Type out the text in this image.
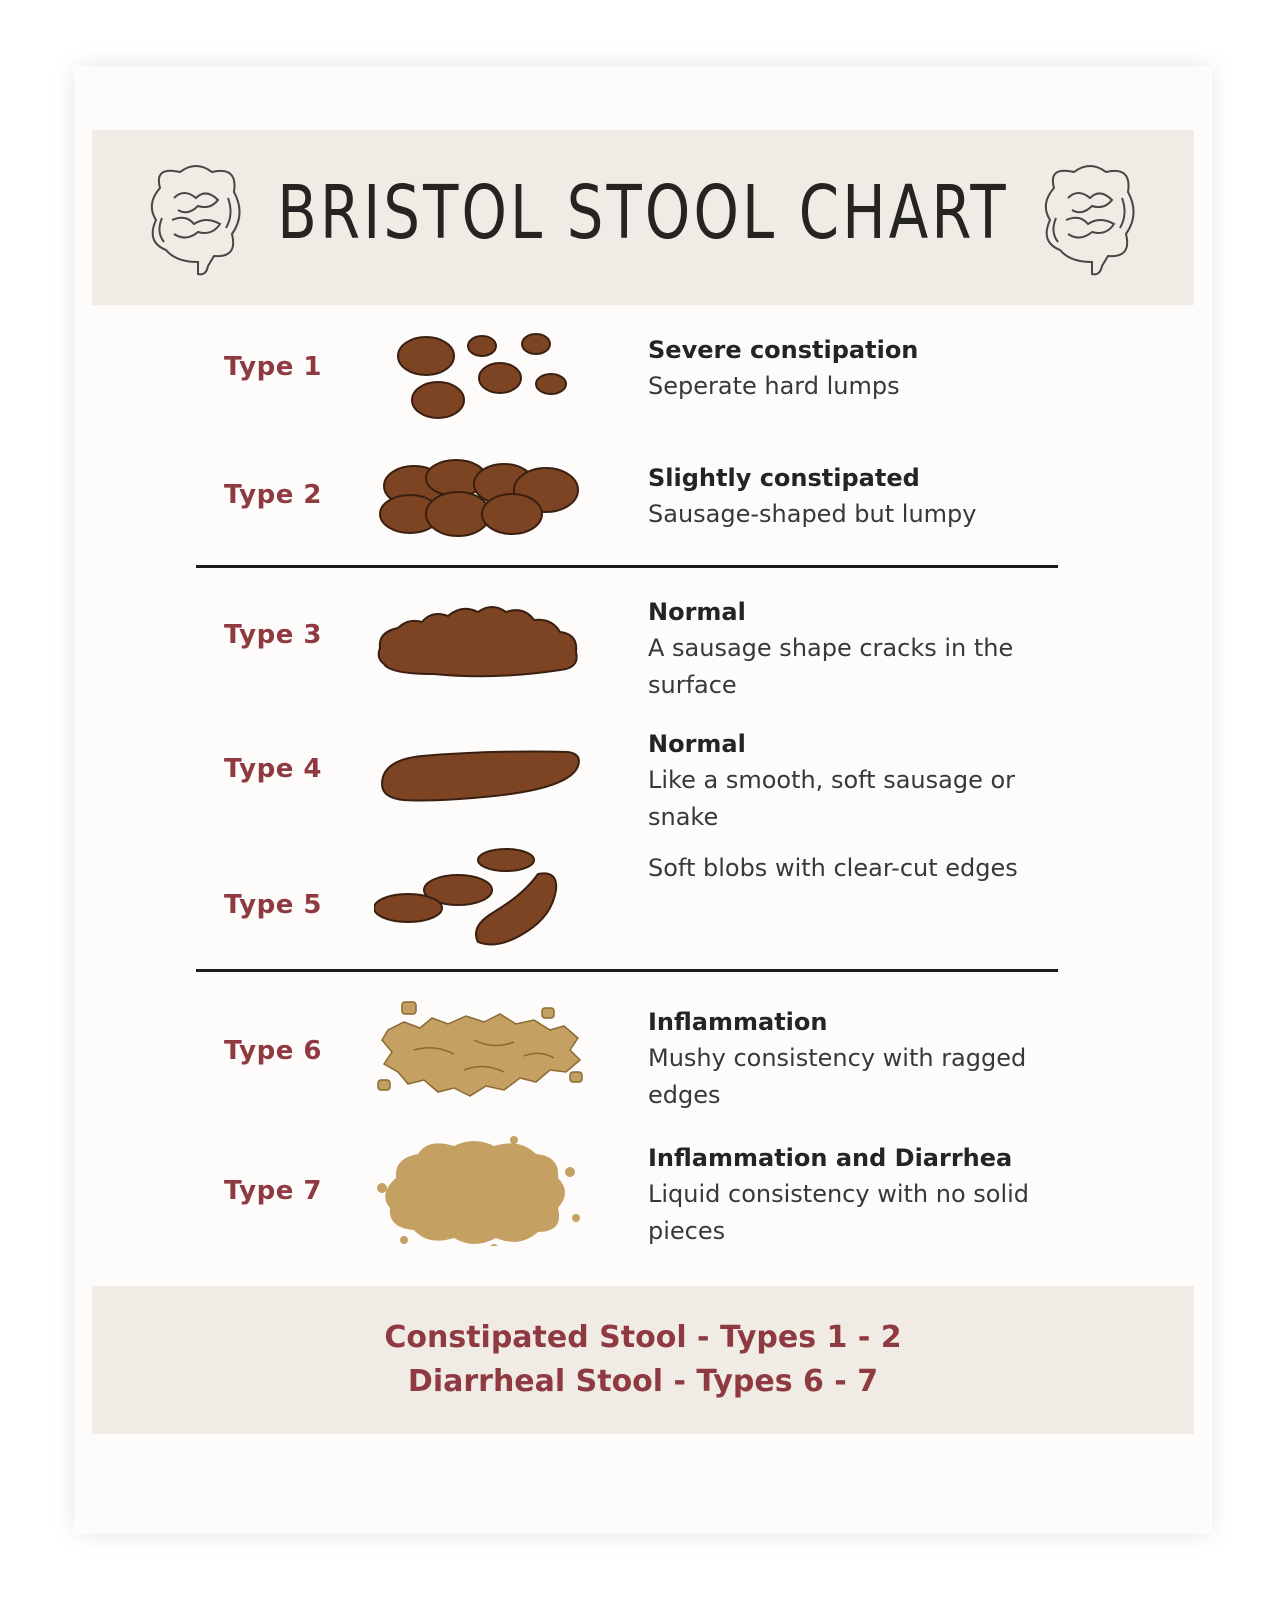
BRISTOL STOOL CHART
Type 1
Severe constipation
Seperate hard lumps
Type 2
Slightly constipated
Sausage-shaped but lumpy
Type 3
Normal
A sausage shape cracks in the surface
Type 4
Normal
Like a smooth, soft sausage or snake
Type 5
Soft blobs with clear-cut edges
Type 6
Inflammation
Mushy consistency with ragged edges
Type 7
Inflammation and Diarrhea
Liquid consistency with no solid pieces
Constipated Stool - Types 1 - 2
Diarrheal Stool - Types 6 - 7
